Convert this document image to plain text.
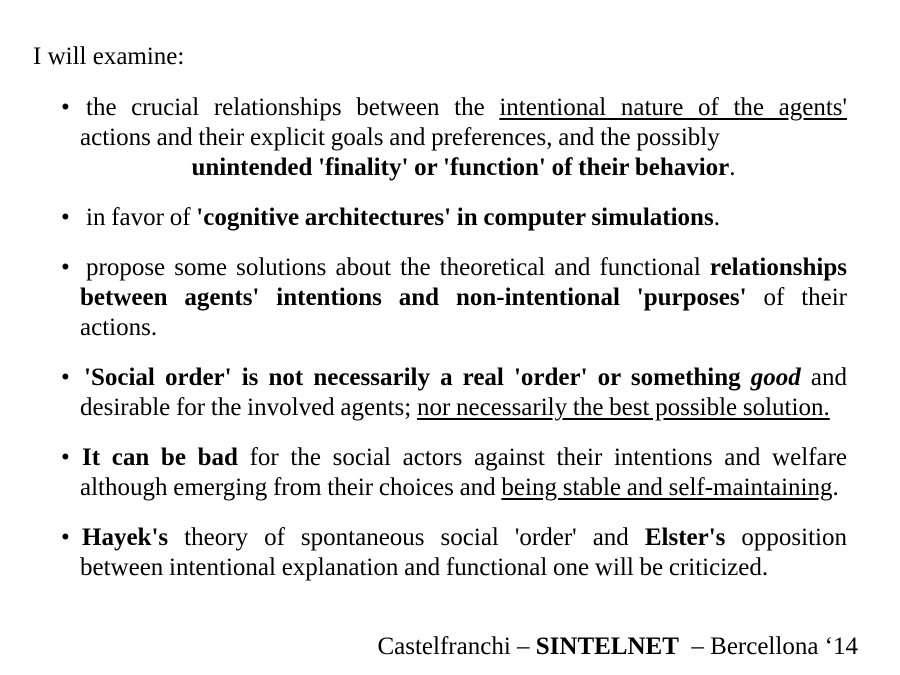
I will examine:
• the crucial relationships between the intentional nature of the agents'
actions and their explicit goals and preferences, and the possibly
unintended 'finality' or 'function' of their behavior.
• in favor of 'cognitive architectures' in computer simulations.
• propose some solutions about the theoretical and functional relationships
between agents' intentions and non-intentional 'purposes' of their
actions.
• 'Social order' is not necessarily a real 'order' or something good and
desirable for the involved agents; nor necessarily the best possible solution.
• It can be bad for the social actors against their intentions and welfare
although emerging from their choices and being stable and self-maintaining.
• Hayek's theory of spontaneous social 'order' and Elster's opposition
between intentional explanation and functional one will be criticized.
Castelfranchi – SINTELNET  – Bercellona ‘14
